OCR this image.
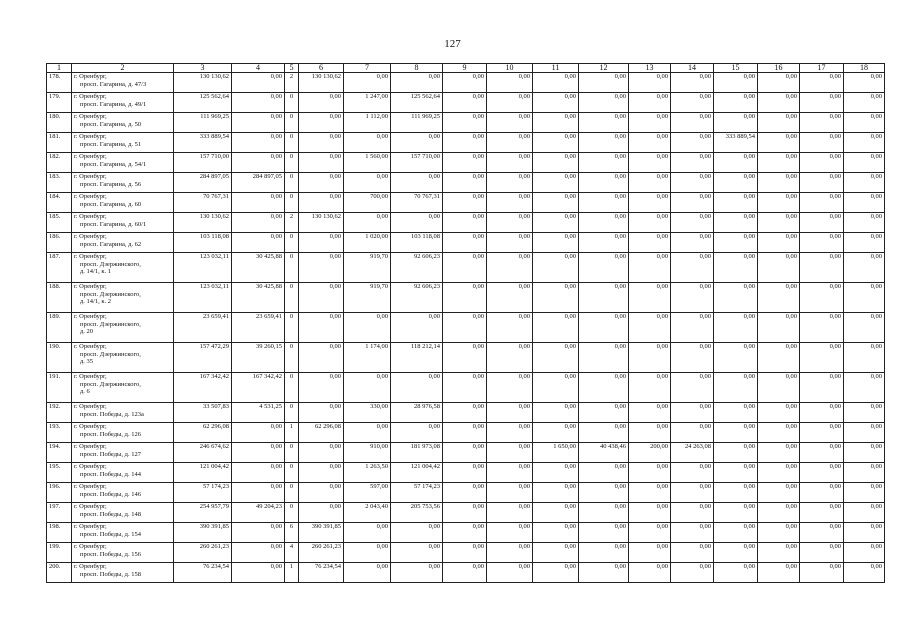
127
1	2	3	4	5	6	7	8	9	10	11	12	13	14	15	16	17	18
178.	г. Оренбург,
просп. Гагарина, д. 47/3	130 130,62	0,00	2	130 130,62	0,00	0,00	0,00	0,00	0,00	0,00	0,00	0,00	0,00	0,00	0,00	0,00
179.	г. Оренбург,
просп. Гагарина, д. 49/1	125 562,64	0,00	0	0,00	1 247,00	125 562,64	0,00	0,00	0,00	0,00	0,00	0,00	0,00	0,00	0,00	0,00
180.	г. Оренбург,
просп. Гагарина, д. 50	111 969,25	0,00	0	0,00	1 112,00	111 969,25	0,00	0,00	0,00	0,00	0,00	0,00	0,00	0,00	0,00	0,00
181.	г. Оренбург,
просп. Гагарина, д. 51	333 889,54	0,00	0	0,00	0,00	0,00	0,00	0,00	0,00	0,00	0,00	0,00	333 889,54	0,00	0,00	0,00
182.	г. Оренбург,
просп. Гагарина, д. 54/1	157 710,00	0,00	0	0,00	1 560,00	157 710,00	0,00	0,00	0,00	0,00	0,00	0,00	0,00	0,00	0,00	0,00
183.	г. Оренбург,
просп. Гагарина, д. 56	284 897,05	284 897,05	0	0,00	0,00	0,00	0,00	0,00	0,00	0,00	0,00	0,00	0,00	0,00	0,00	0,00
184.	г. Оренбург,
просп. Гагарина, д. 60	70 767,31	0,00	0	0,00	700,00	70 767,31	0,00	0,00	0,00	0,00	0,00	0,00	0,00	0,00	0,00	0,00
185.	г. Оренбург,
просп. Гагарина, д. 60/1	130 130,62	0,00	2	130 130,62	0,00	0,00	0,00	0,00	0,00	0,00	0,00	0,00	0,00	0,00	0,00	0,00
186.	г. Оренбург,
просп. Гагарина, д. 62	103 118,08	0,00	0	0,00	1 020,00	103 118,08	0,00	0,00	0,00	0,00	0,00	0,00	0,00	0,00	0,00	0,00
187.	г. Оренбург,
просп. Дзержинского,
д. 14/1, к. 1	123 032,11	30 425,88	0	0,00	919,70	92 606,23	0,00	0,00	0,00	0,00	0,00	0,00	0,00	0,00	0,00	0,00
188.	г. Оренбург,
просп. Дзержинского,
д. 14/1, к. 2	123 032,11	30 425,88	0	0,00	919,70	92 606,23	0,00	0,00	0,00	0,00	0,00	0,00	0,00	0,00	0,00	0,00
189.	г. Оренбург,
просп. Дзержинского,
д. 20	23 659,41	23 659,41	0	0,00	0,00	0,00	0,00	0,00	0,00	0,00	0,00	0,00	0,00	0,00	0,00	0,00
190.	г. Оренбург,
просп. Дзержинского,
д. 35	157 472,29	39 260,15	0	0,00	1 174,00	118 212,14	0,00	0,00	0,00	0,00	0,00	0,00	0,00	0,00	0,00	0,00
191.	г. Оренбург,
просп. Дзержинского,
д. 6	167 342,42	167 342,42	0	0,00	0,00	0,00	0,00	0,00	0,00	0,00	0,00	0,00	0,00	0,00	0,00	0,00
192.	г. Оренбург,
просп. Победы, д. 123а	33 507,83	4 531,25	0	0,00	330,00	28 976,58	0,00	0,00	0,00	0,00	0,00	0,00	0,00	0,00	0,00	0,00
193.	г. Оренбург,
просп. Победы, д. 126	62 296,08	0,00	1	62 296,08	0,00	0,00	0,00	0,00	0,00	0,00	0,00	0,00	0,00	0,00	0,00	0,00
194.	г. Оренбург,
просп. Победы, д. 127	246 674,62	0,00	0	0,00	910,00	181 973,08	0,00	0,00	1 650,00	40 438,46	200,00	24 263,08	0,00	0,00	0,00	0,00
195.	г. Оренбург,
просп. Победы, д. 144	121 004,42	0,00	0	0,00	1 263,50	121 004,42	0,00	0,00	0,00	0,00	0,00	0,00	0,00	0,00	0,00	0,00
196.	г. Оренбург,
просп. Победы, д. 146	57 174,23	0,00	0	0,00	597,00	57 174,23	0,00	0,00	0,00	0,00	0,00	0,00	0,00	0,00	0,00	0,00
197.	г. Оренбург,
просп. Победы, д. 148	254 957,79	49 204,23	0	0,00	2 043,40	205 753,56	0,00	0,00	0,00	0,00	0,00	0,00	0,00	0,00	0,00	0,00
198.	г. Оренбург,
просп. Победы, д. 154	390 391,85	0,00	6	390 391,85	0,00	0,00	0,00	0,00	0,00	0,00	0,00	0,00	0,00	0,00	0,00	0,00
199.	г. Оренбург,
просп. Победы, д. 156	260 261,23	0,00	4	260 261,23	0,00	0,00	0,00	0,00	0,00	0,00	0,00	0,00	0,00	0,00	0,00	0,00
200.	г. Оренбург,
просп. Победы, д. 158	76 234,54	0,00	1	76 234,54	0,00	0,00	0,00	0,00	0,00	0,00	0,00	0,00	0,00	0,00	0,00	0,00
